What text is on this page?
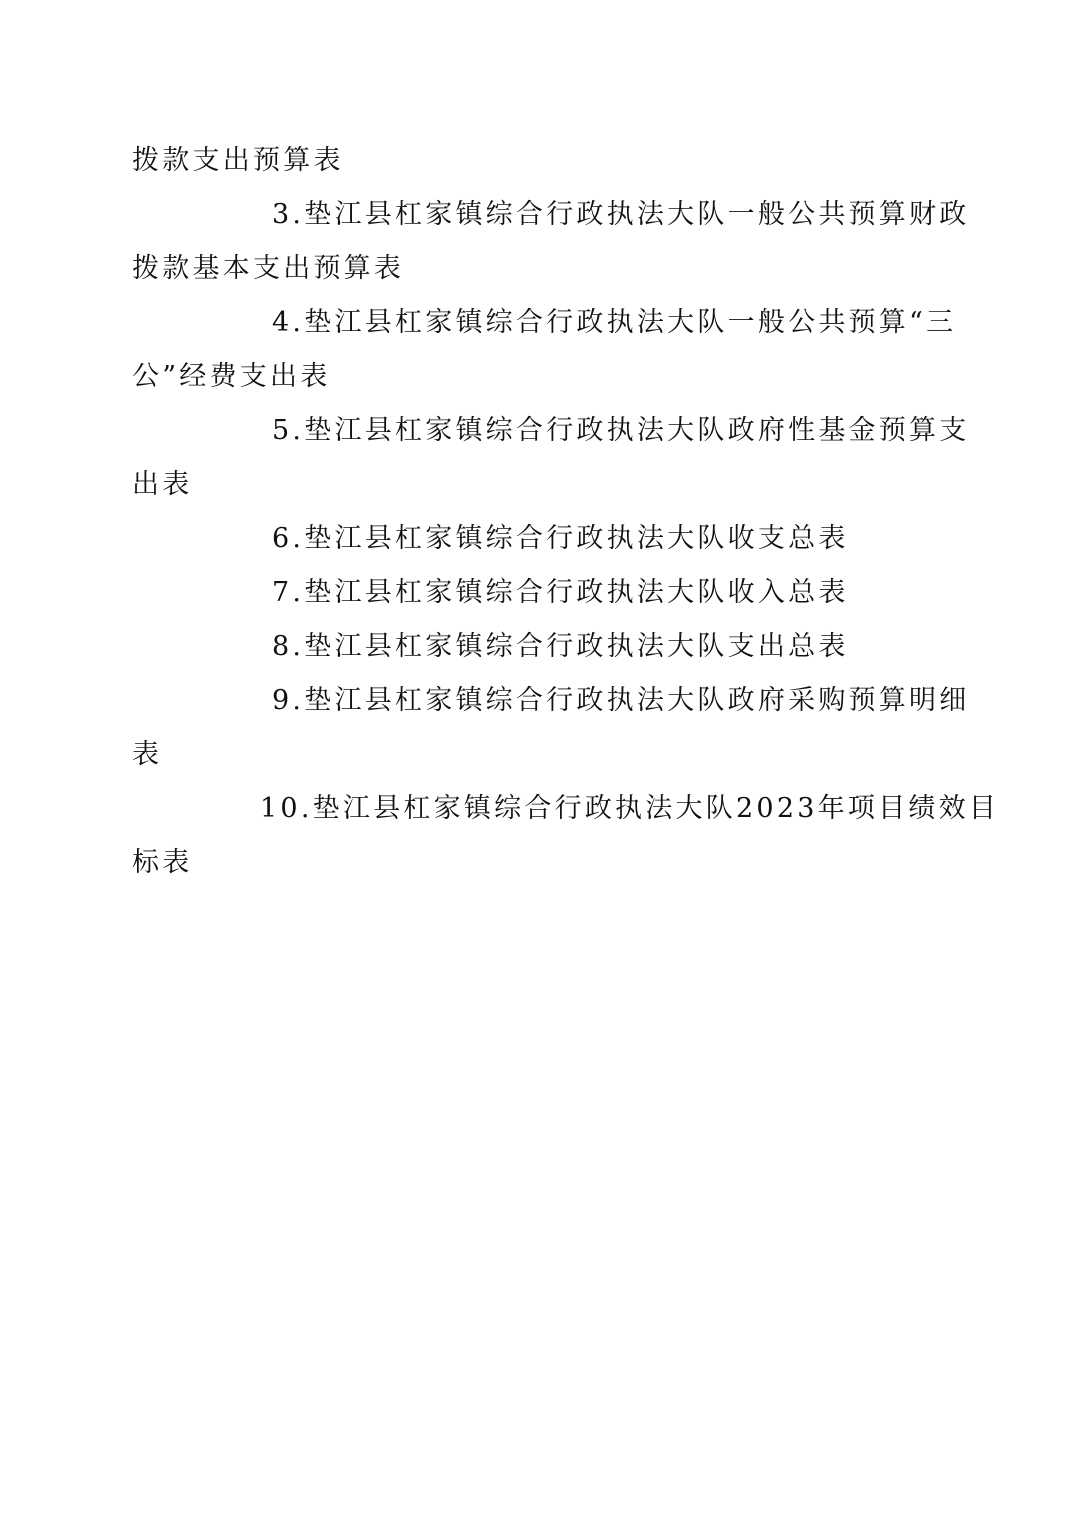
拨款支出预算表

3.垫江县杠家镇综合行政执法大队一般公共预算财政
拨款基本支出预算表

4.垫江县杠家镇综合行政执法大队一般公共预算“三
公”经费支出表

5.垫江县杠家镇综合行政执法大队政府性基金预算支
出表

6.垫江县杠家镇综合行政执法大队收支总表

7.垫江县杠家镇综合行政执法大队收入总表

8.垫江县杠家镇综合行政执法大队支出总表

9.垫江县杠家镇综合行政执法大队政府采购预算明细
表

10.垫江县杠家镇综合行政执法大队2023年项目绩效目
标表
